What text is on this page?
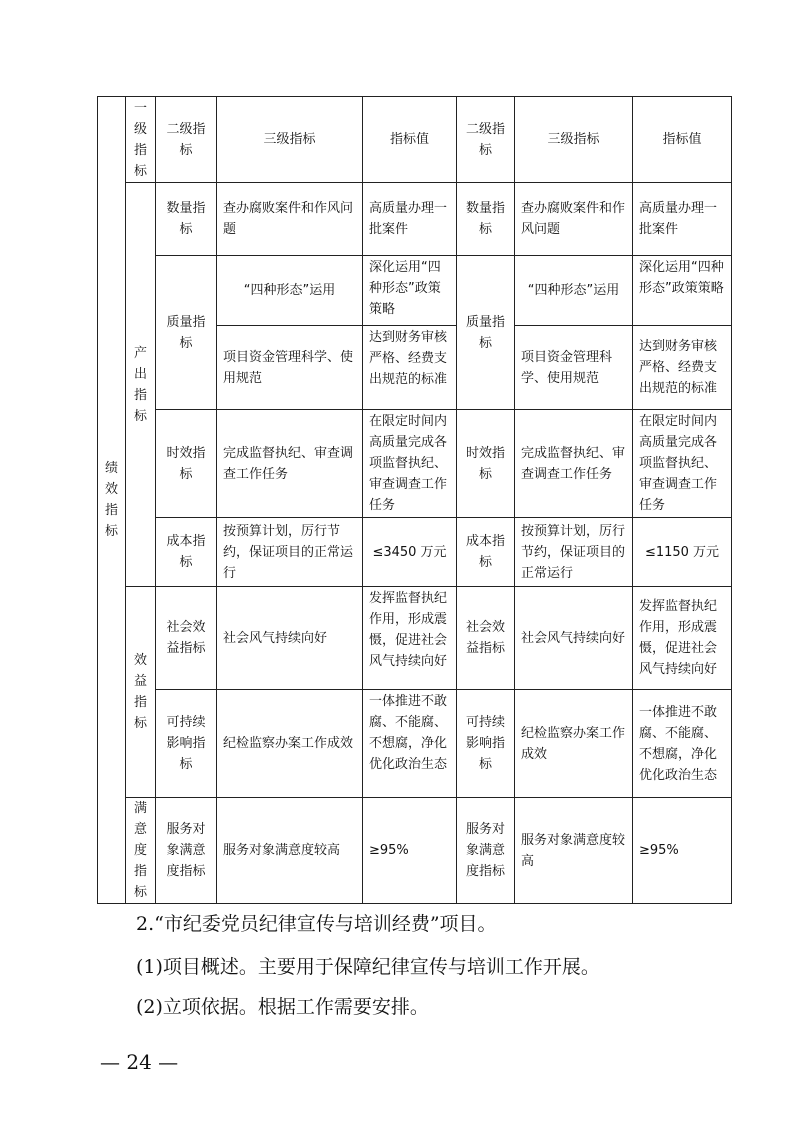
绩效指标	一级指标	二级指标	三级指标	指标值	二级指标	三级指标	指标值
	产出指标	数量指标	查办腐败案件和作风问题	高质量办理一批案件	数量指标	查办腐败案件和作风问题	高质量办理一批案件
		质量指标	“四种形态”运用	深化运用“四种形态”政策策略	质量指标	“四种形态”运用	深化运用“四种形态”政策策略
			项目资金管理科学、使用规范	达到财务审核严格、经费支出规范的标准		项目资金管理科学、使用规范	达到财务审核严格、经费支出规范的标准
		时效指标	完成监督执纪、审查调查工作任务	在限定时间内高质量完成各项监督执纪、审查调查工作任务	时效指标	完成监督执纪、审查调查工作任务	在限定时间内高质量完成各项监督执纪、审查调查工作任务
		成本指标	按预算计划，厉行节约，保证项目的正常运行	≤3450 万元	成本指标	按预算计划，厉行节约，保证项目的正常运行	≤1150 万元
	效益指标	社会效益指标	社会风气持续向好	发挥监督执纪作用，形成震慑，促进社会风气持续向好	社会效益指标	社会风气持续向好	发挥监督执纪作用，形成震慑，促进社会风气持续向好
		可持续影响指标	纪检监察办案工作成效	一体推进不敢腐、不能腐、不想腐，净化优化政治生态	可持续影响指标	纪检监察办案工作成效	一体推进不敢腐、不能腐、不想腐，净化优化政治生态
	满意度指标	服务对象满意度指标	服务对象满意度较高	≥95%	服务对象满意度指标	服务对象满意度较高	≥95%
2.“市纪委党员纪律宣传与培训经费”项目。
(1)项目概述。主要用于保障纪律宣传与培训工作开展。
(2)立项依据。根据工作需要安排。
— 24 —
